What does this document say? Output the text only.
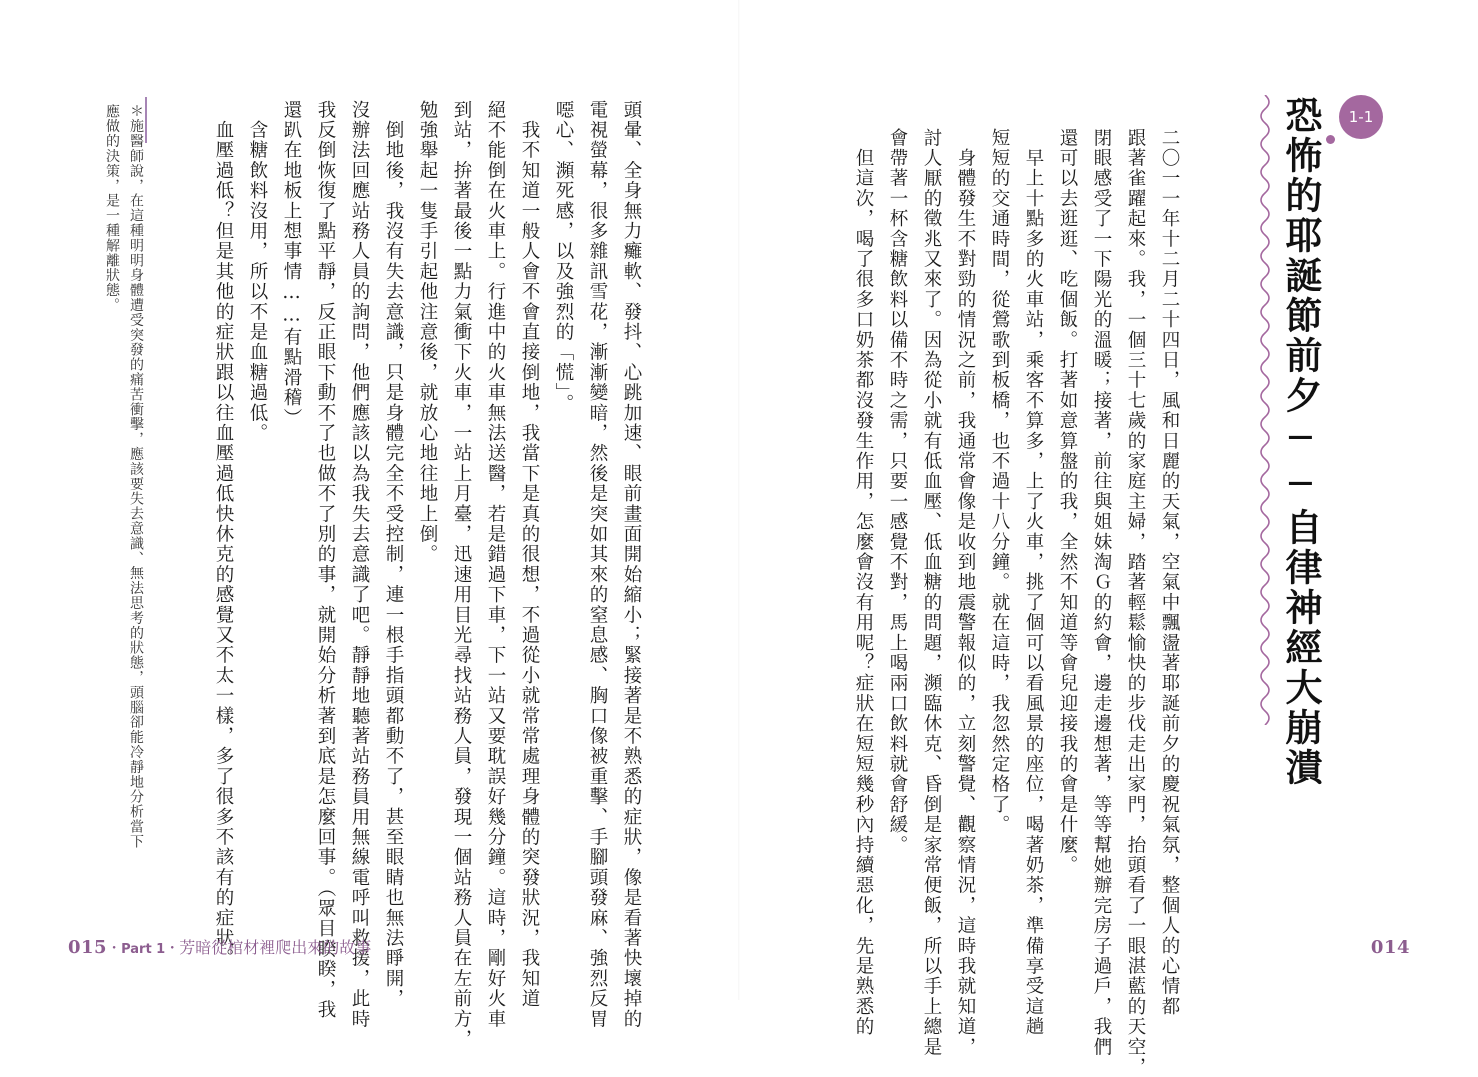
＊施醫師說，在這種明明身體遭受突發的痛苦衝擊，應該要失去意識、無法思考的狀態，頭腦卻能冷靜地分析當下
應做的決策，是一種解離狀態。	頭暈、全身無力癱軟、發抖、心跳加速、眼前畫面開始縮小；緊接著是不熟悉的症狀，像是看著快壞掉的
電視螢幕，很多雜訊雪花，漸漸變暗，然後是突如其來的窒息感、胸口像被重擊、手腳頭發麻、強烈反胃
噁心、瀕死感，以及強烈的「慌」。
　我不知道一般人會不會直接倒地，我當下是真的很想，不過從小就常常處理身體的突發狀況，我知道
絕不能倒在火車上。行進中的火車無法送醫，若是錯過下車，下一站又要耽誤好幾分鐘。這時，剛好火車
到站，拚著最後一點力氣衝下火車，一站上月臺，迅速用目光尋找站務人員，發現一個站務人員在左前方，
勉強舉起一隻手引起他注意後，就放心地往地上倒。
　倒地後，我沒有失去意識，只是身體完全不受控制，連一根手指頭都動不了，甚至眼睛也無法睜開，
沒辦法回應站務人員的詢問，他們應該以為我失去意識了吧。靜靜地聽著站務員用無線電呼叫救援，此時
我反倒恢復了點平靜，反正眼下動不了也做不了別的事，就開始分析著到底是怎麼回事。（眾目睽睽，我
還趴在地板上想事情……有點滑稽）
　含糖飲料沒用，所以不是血糖過低。
　血壓過低？但是其他的症狀跟以往血壓過低快休克的感覺又不太一樣，多了很多不該有的症狀。
015・Part 1・芳暗從棺材裡爬出來的故事	二〇一一年十二月二十四日，風和日麗的天氣，空氣中飄盪著耶誕前夕的慶祝氣氛，整個人的心情都
跟著雀躍起來。我，一個三十七歲的家庭主婦，踏著輕鬆愉快的步伐走出家門，抬頭看了一眼湛藍的天空，
閉眼感受了一下陽光的溫暖；接著，前往與姐妹淘Ｇ的約會，邊走邊想著，等等幫她辦完房子過戶，我們
還可以去逛逛、吃個飯。打著如意算盤的我，全然不知道等會兒迎接我的會是什麼。
　早上十點多的火車站，乘客不算多，上了火車，挑了個可以看風景的座位，喝著奶茶，準備享受這趟
短短的交通時間，從鶯歌到板橋，也不過十八分鐘。就在這時，我忽然定格了。
　身體發生不對勁的情況之前，我通常會像是收到地震警報似的，立刻警覺、觀察情況，這時我就知道，
討人厭的徵兆又來了。因為從小就有低血壓、低血糖的問題，瀕臨休克、昏倒是家常便飯，所以手上總是
會帶著一杯含糖飲料以備不時之需，只要一感覺不對，馬上喝兩口飲料就會舒緩。
　但這次，喝了很多口奶茶都沒發生作用，怎麼會沒有用呢？症狀在短短幾秒內持續惡化，先是熟悉的
1-1
恐怖的耶誕節前夕──自律神經大崩潰
014
